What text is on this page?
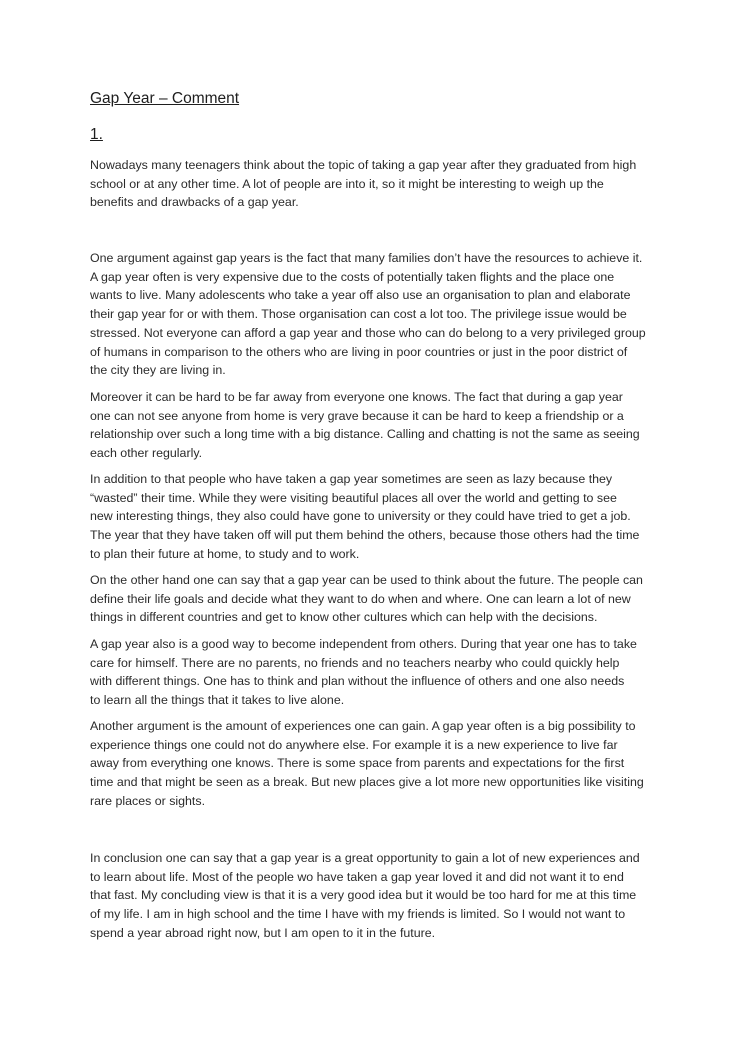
Gap Year – Comment
1.
Nowadays many teenagers think about the topic of taking a gap year after they graduated from high
school or at any other time. A lot of people are into it, so it might be interesting to weigh up the
benefits and drawbacks of a gap year.
One argument against gap years is the fact that many families don’t have the resources to achieve it.
A gap year often is very expensive due to the costs of potentially taken flights and the place one
wants to live. Many adolescents who take a year off also use an organisation to plan and elaborate
their gap year for or with them. Those organisation can cost a lot too. The privilege issue would be
stressed. Not everyone can afford a gap year and those who can do belong to a very privileged group
of humans in comparison to the others who are living in poor countries or just in the poor district of
the city they are living in.
Moreover it can be hard to be far away from everyone one knows. The fact that during a gap year
one can not see anyone from home is very grave because it can be hard to keep a friendship or a
relationship over such a long time with a big distance. Calling and chatting is not the same as seeing
each other regularly.
In addition to that people who have taken a gap year sometimes are seen as lazy because they
“wasted” their time. While they were visiting beautiful places all over the world and getting to see
new interesting things, they also could have gone to university or they could have tried to get a job.
The year that they have taken off will put them behind the others, because those others had the time
to plan their future at home, to study and to work.
On the other hand one can say that a gap year can be used to think about the future. The people can
define their life goals and decide what they want to do when and where. One can learn a lot of new
things in different countries and get to know other cultures which can help with the decisions.
A gap year also is a good way to become independent from others. During that year one has to take
care for himself. There are no parents, no friends and no teachers nearby who could quickly help
with different things. One has to think and plan without the influence of others and one also needs
to learn all the things that it takes to live alone.
Another argument is the amount of experiences one can gain. A gap year often is a big possibility to
experience things one could not do anywhere else. For example it is a new experience to live far
away from everything one knows. There is some space from parents and expectations for the first
time and that might be seen as a break. But new places give a lot more new opportunities like visiting
rare places or sights.
In conclusion one can say that a gap year is a great opportunity to gain a lot of new experiences and
to learn about life. Most of the people wo have taken a gap year loved it and did not want it to end
that fast. My concluding view is that it is a very good idea but it would be too hard for me at this time
of my life. I am in high school and the time I have with my friends is limited. So I would not want to
spend a year abroad right now, but I am open to it in the future.
